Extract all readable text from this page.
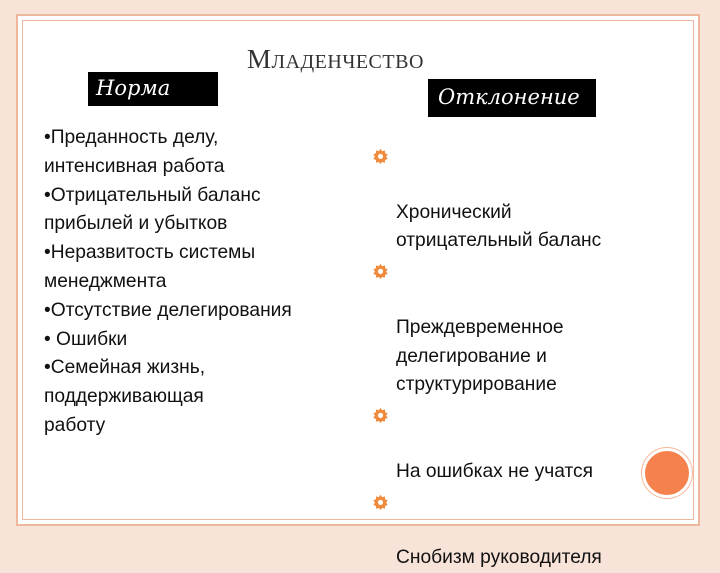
МЛАДЕНЧЕСТВО
Норма	Отклонение
•Преданность делу,
интенсивная работа
•Отрицательный баланс
прибылей и убытков
•Неразвитость системы
менеджмента
•Отсутствие делегирования
• Ошибки
•Семейная жизнь,
поддерживающая
работу

Хронический
отрицательный баланс

Преждевременное
делегирование и
структурирование

На ошибках не учатся

Снобизм руководителя
